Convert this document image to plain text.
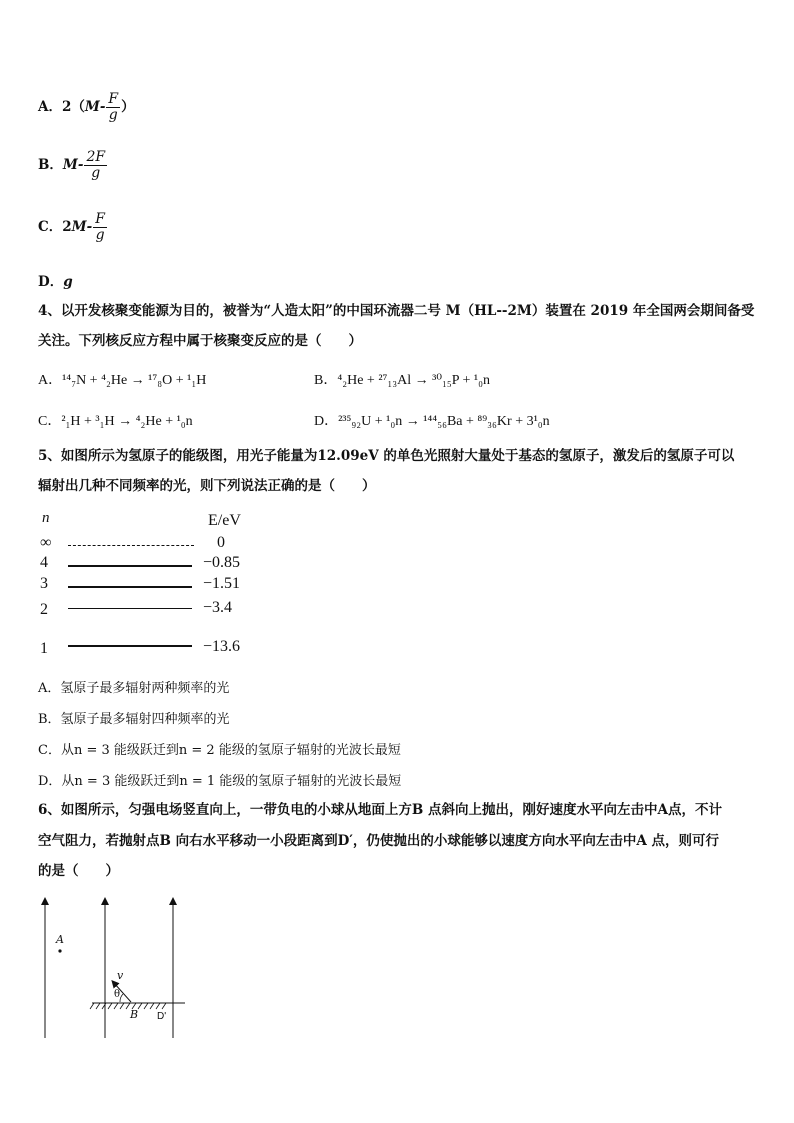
A．$2(M- \frac{F}{g}$ ）
B．$M- \frac{2F}{g}$
C．$2M- \frac{F}{g}$
D．g
4、以开发核聚变能源为目的，被誉为“人造太阳”的中国环流器二号 M（HL--2M）装置在 2019 年全国两会期间备受
关注。下列核反应方程中属于核聚变反应的是（　　）
A．¹⁴₇N + ⁴₂He → ¹⁷₈O + ¹₁H	B．⁴₂He + ²⁷₁₃Al → ³⁰₁₅P + ¹₀n
C．²₁H + ³₁H → ⁴₂He + ¹₀n	D．²³⁵₉₂U + ¹₀n → ¹⁴⁴₅₆Ba + ⁸⁹₃₆Kr + 3¹₀n
5、如图所示为氢原子的能级图，用光子能量为12.09eV 的单色光照射大量处于基态的氢原子，激发后的氢原子可以
辐射出几种不同频率的光，则下列说法正确的是（　　）
n	E/eV
∞	0
4	−0.85
3	−1.51
2	−3.4
1	−13.6
A．氢原子最多辐射两种频率的光
B．氢原子最多辐射四种频率的光
C．从n = 3 能级跃迁到n = 2 能级的氢原子辐射的光波长最短
D．从n = 3 能级跃迁到n = 1 能级的氢原子辐射的光波长最短
6、如图所示，匀强电场竖直向上，一带负电的小球从地面上方B 点斜向上抛出，刚好速度水平向左击中A点，不计
空气阻力，若抛射点B 向右水平移动一小段距离到D′，仍使抛出的小球能够以速度方向水平向左击中A 点，则可行
的是（　　）
A
v
θ
B D'
